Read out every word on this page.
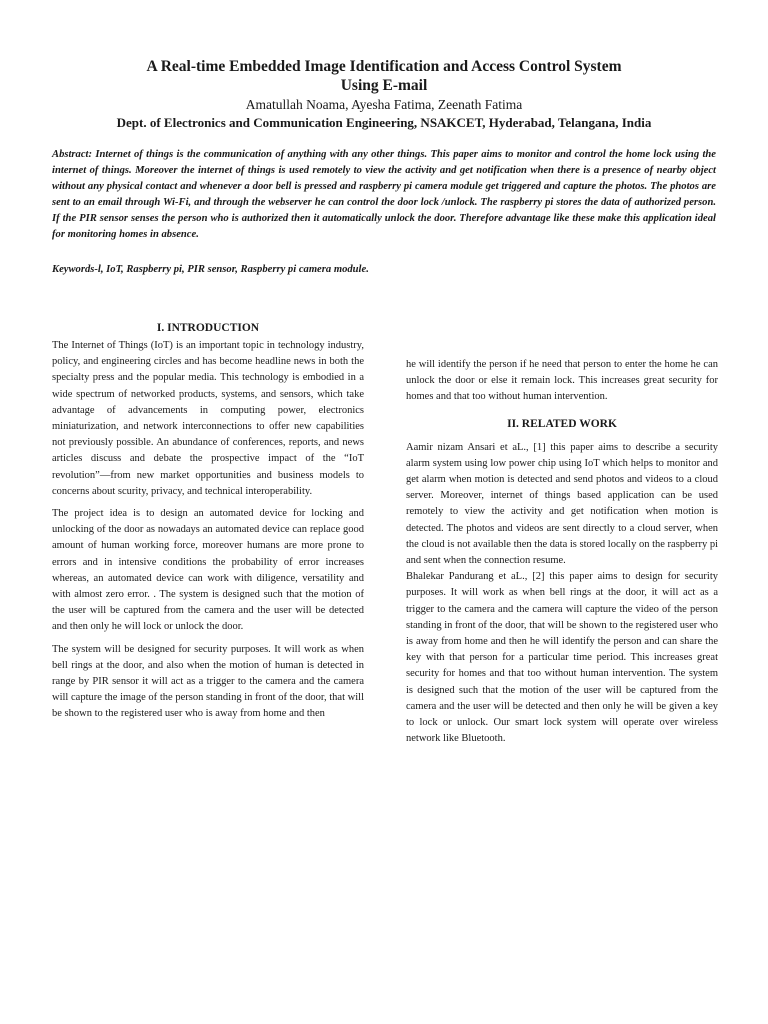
A Real-time Embedded Image Identification and Access Control System
Using E-mail

Amatullah Noama, Ayesha Fatima, Zeenath Fatima

Dept. of Electronics and Communication Engineering, NSAKCET, Hyderabad, Telangana, India

Abstract: Internet of things is the communication of anything with any other things. This paper aims to monitor and control the home lock using the internet of things. Moreover the internet of things is used remotely to view the activity and get notification when there is a presence of nearby object without any physical contact and whenever a door bell is pressed and raspberry pi camera module get triggered and capture the photos. The photos are sent to an email through Wi-Fi, and through the webserver he can control the door lock /unlock. The raspberry pi stores the data of authorized person. If the PIR sensor senses the person who is authorized then it automatically unlock the door. Therefore advantage like these make this application ideal for monitoring homes in absence.

Keywords-l, IoT, Raspberry pi, PIR sensor, Raspberry pi camera module.

I. INTRODUCTION

The Internet of Things (IoT) is an important topic in technology industry, policy, and engineering circles and has become headline news in both the specialty press and the popular media. This technology is embodied in a wide spectrum of networked products, systems, and sensors, which take advantage of advancements in computing power, electronics miniaturization, and network interconnections to offer new capabilities not previously possible. An abundance of conferences, reports, and news articles discuss and debate the prospective impact of the “IoT revolution”—from new market opportunities and business models to concerns about scurity, privacy, and technical interoperability.

The project idea is to design an automated device for locking and unlocking of the door as nowadays an automated device can replace good amount of human working force, moreover humans are more prone to errors and in intensive conditions the probability of error increases whereas, an automated device can work with diligence, versatility and with almost zero error. . The system is designed such that the motion of the user will be captured from the camera and the user will be detected and then only he will lock or unlock the door.

The system will be designed for security purposes. It will work as when bell rings at the door, and also when the motion of human is detected in range by PIR sensor it will act as a trigger to the camera and the camera will capture the image of the person standing in front of the door, that will be shown to the registered user who is away from home and then

he will identify the person if he need that person to enter the home he can unlock the door or else it remain lock. This increases great security for homes and that too without human intervention.

II. RELATED WORK

Aamir nizam Ansari et aL., [1] this paper aims to describe a security alarm system using low power chip using IoT which helps to monitor and get alarm when motion is detected and send photos and videos to a cloud server. Moreover, internet of things based application can be used remotely to view the activity and get notification when motion is detected. The photos and videos are sent directly to a cloud server, when the cloud is not available then the data is stored locally on the raspberry pi and sent when the connection resume.

Bhalekar Pandurang et aL., [2] this paper aims to design for security purposes. It will work as when bell rings at the door, it will act as a trigger to the camera and the camera will capture the video of the person standing in front of the door, that will be shown to the registered user who is away from home and then he will identify the person and can share the key with that person for a particular time period. This increases great security for homes and that too without human intervention. The system is designed such that the motion of the user will be captured from the camera and the user will be detected and then only he will be given a key to lock or unlock. Our smart lock system will operate over wireless network like Bluetooth.
